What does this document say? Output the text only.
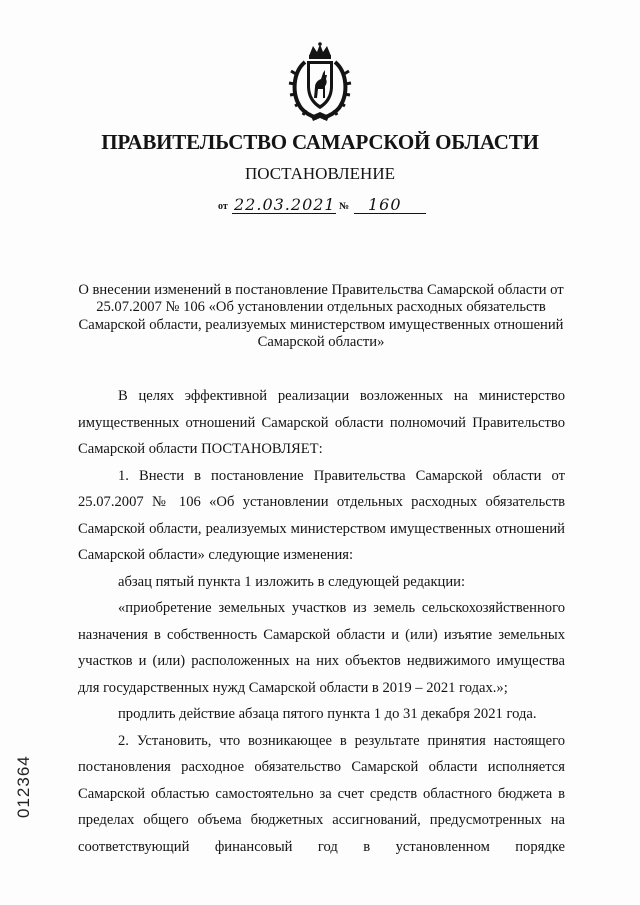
ПРАВИТЕЛЬСТВО САМАРСКОЙ ОБЛАСТИ
ПОСТАНОВЛЕНИЕ
от 22.03.2021 № 160
О внесении изменений в постановление Правительства Самарской области от 25.07.2007 № 106 «Об установлении отдельных расходных обязательств Самарской области, реализуемых министерством имущественных отношений Самарской области»

В целях эффективной реализации возложенных на министерство имущественных отношений Самарской области полномочий Правительство Самарской области ПОСТАНОВЛЯЕТ:

1. Внести в постановление Правительства Самарской области от 25.07.2007 № 106 «Об установлении отдельных расходных обязательств Самарской области, реализуемых министерством имущественных отношений Самарской области» следующие изменения:

абзац пятый пункта 1 изложить в следующей редакции:

«приобретение земельных участков из земель сельскохозяйственного назначения в собственность Самарской области и (или) изъятие земельных участков и (или) расположенных на них объектов недвижимого имущества для государственных нужд Самарской области в 2019 – 2021 годах.»;

продлить действие абзаца пятого пункта 1 до 31 декабря 2021 года.

2. Установить, что возникающее в результате принятия настоящего постановления расходное обязательство Самарской области исполняется Самарской областью самостоятельно за счет средств областного бюджета в пределах общего объема бюджетных ассигнований, предусмотренных на соответствующий финансовый год в установленном порядке

012364
